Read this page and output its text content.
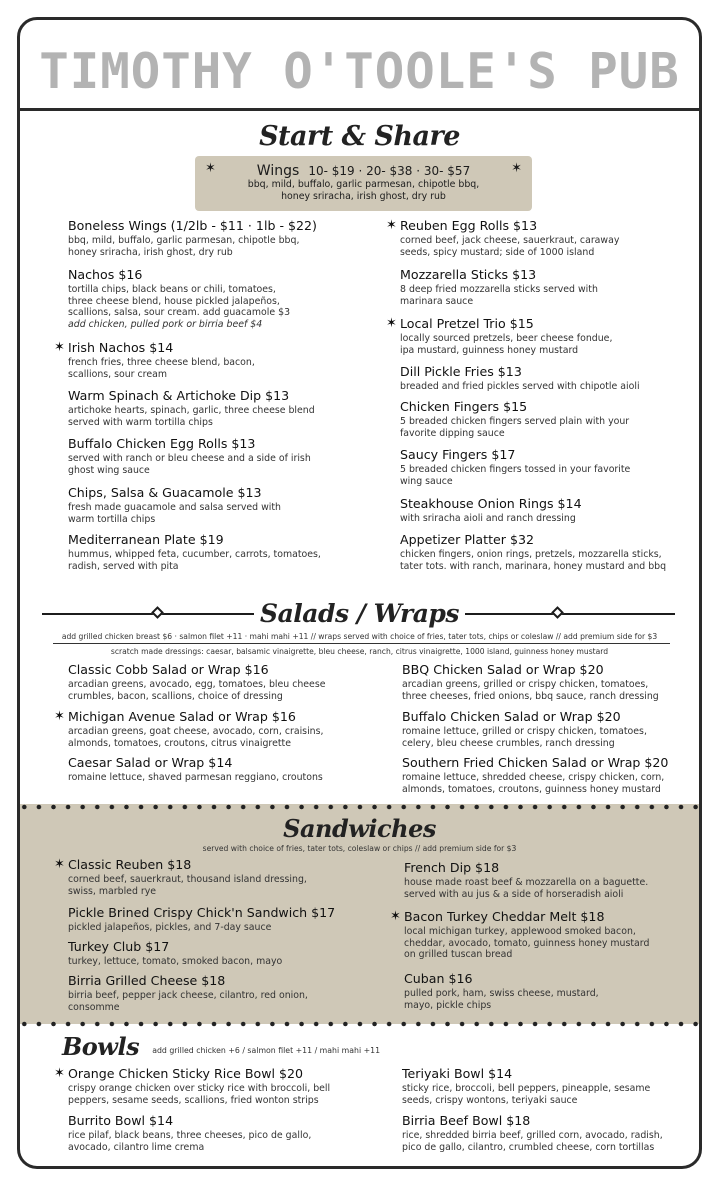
TIMOTHY O'TOOLE'S PUB
Start & Share
✶	✶
Wings 10- $19 · 20- $38 · 30- $57
bbq, mild, buffalo, garlic parmesan, chipotle bbq,
honey sriracha, irish ghost, dry rub
Boneless Wings (1/2lb - $11 · 1lb - $22)
bbq, mild, buffalo, garlic parmesan, chipotle bbq,
honey sriracha, irish ghost, dry rub
Nachos $16
tortilla chips, black beans or chili, tomatoes,
three cheese blend, house pickled jalapeños,
scallions, salsa, sour cream. add guacamole $3
add chicken, pulled pork or birria beef $4
✶ Irish Nachos $14
french fries, three cheese blend, bacon,
scallions, sour cream
Warm Spinach & Artichoke Dip $13
artichoke hearts, spinach, garlic, three cheese blend
served with warm tortilla chips
Buffalo Chicken Egg Rolls $13
served with ranch or bleu cheese and a side of irish
ghost wing sauce
Chips, Salsa & Guacamole $13
fresh made guacamole and salsa served with
warm tortilla chips
Mediterranean Plate $19
hummus, whipped feta, cucumber, carrots, tomatoes,
radish, served with pita
✶ Reuben Egg Rolls $13
corned beef, jack cheese, sauerkraut, caraway
seeds, spicy mustard; side of 1000 island
Mozzarella Sticks $13
8 deep fried mozzarella sticks served with
marinara sauce
✶ Local Pretzel Trio $15
locally sourced pretzels, beer cheese fondue,
ipa mustard, guinness honey mustard
Dill Pickle Fries $13
breaded and fried pickles served with chipotle aioli
Chicken Fingers $15
5 breaded chicken fingers served plain with your
favorite dipping sauce
Saucy Fingers $17
5 breaded chicken fingers tossed in your favorite
wing sauce
Steakhouse Onion Rings $14
with sriracha aioli and ranch dressing
Appetizer Platter $32
chicken fingers, onion rings, pretzels, mozzarella sticks,
tater tots. with ranch, marinara, honey mustard and bbq
Salads / Wraps
add grilled chicken breast $6 · salmon filet +11 · mahi mahi +11 // wraps served with choice of fries, tater tots, chips or coleslaw // add premium side for $3
scratch made dressings: caesar, balsamic vinaigrette, bleu cheese, ranch, citrus vinaigrette, 1000 island, guinness honey mustard
Classic Cobb Salad or Wrap $16
arcadian greens, avocado, egg, tomatoes, bleu cheese
crumbles, bacon, scallions, choice of dressing
✶ Michigan Avenue Salad or Wrap $16
arcadian greens, goat cheese, avocado, corn, craisins,
almonds, tomatoes, croutons, citrus vinaigrette
Caesar Salad or Wrap $14
romaine lettuce, shaved parmesan reggiano, croutons
BBQ Chicken Salad or Wrap $20
arcadian greens, grilled or crispy chicken, tomatoes,
three cheeses, fried onions, bbq sauce, ranch dressing
Buffalo Chicken Salad or Wrap $20
romaine lettuce, grilled or crispy chicken, tomatoes,
celery, bleu cheese crumbles, ranch dressing
Southern Fried Chicken Salad or Wrap $20
romaine lettuce, shredded cheese, crispy chicken, corn,
almonds, tomatoes, croutons, guinness honey mustard
Sandwiches
served with choice of fries, tater tots, coleslaw or chips // add premium side for $3
✶ Classic Reuben $18
corned beef, sauerkraut, thousand island dressing,
swiss, marbled rye
Pickle Brined Crispy Chick'n Sandwich $17
pickled jalapeños, pickles, and 7-day sauce
Turkey Club $17
turkey, lettuce, tomato, smoked bacon, mayo
Birria Grilled Cheese $18
birria beef, pepper jack cheese, cilantro, red onion,
consomme
French Dip $18
house made roast beef & mozzarella on a baguette.
served with au jus & a side of horseradish aioli
✶ Bacon Turkey Cheddar Melt $18
local michigan turkey, applewood smoked bacon,
cheddar, avocado, tomato, guinness honey mustard
on grilled tuscan bread
Cuban $16
pulled pork, ham, swiss cheese, mustard,
mayo, pickle chips
Bowls add grilled chicken +6 / salmon filet +11 / mahi mahi +11
✶ Orange Chicken Sticky Rice Bowl $20
crispy orange chicken over sticky rice with broccoli, bell
peppers, sesame seeds, scallions, fried wonton strips
Burrito Bowl $14
rice pilaf, black beans, three cheeses, pico de gallo,
avocado, cilantro lime crema
Teriyaki Bowl $14
sticky rice, broccoli, bell peppers, pineapple, sesame
seeds, crispy wontons, teriyaki sauce
Birria Beef Bowl $18
rice, shredded birria beef, grilled corn, avocado, radish,
pico de gallo, cilantro, crumbled cheese, corn tortillas
